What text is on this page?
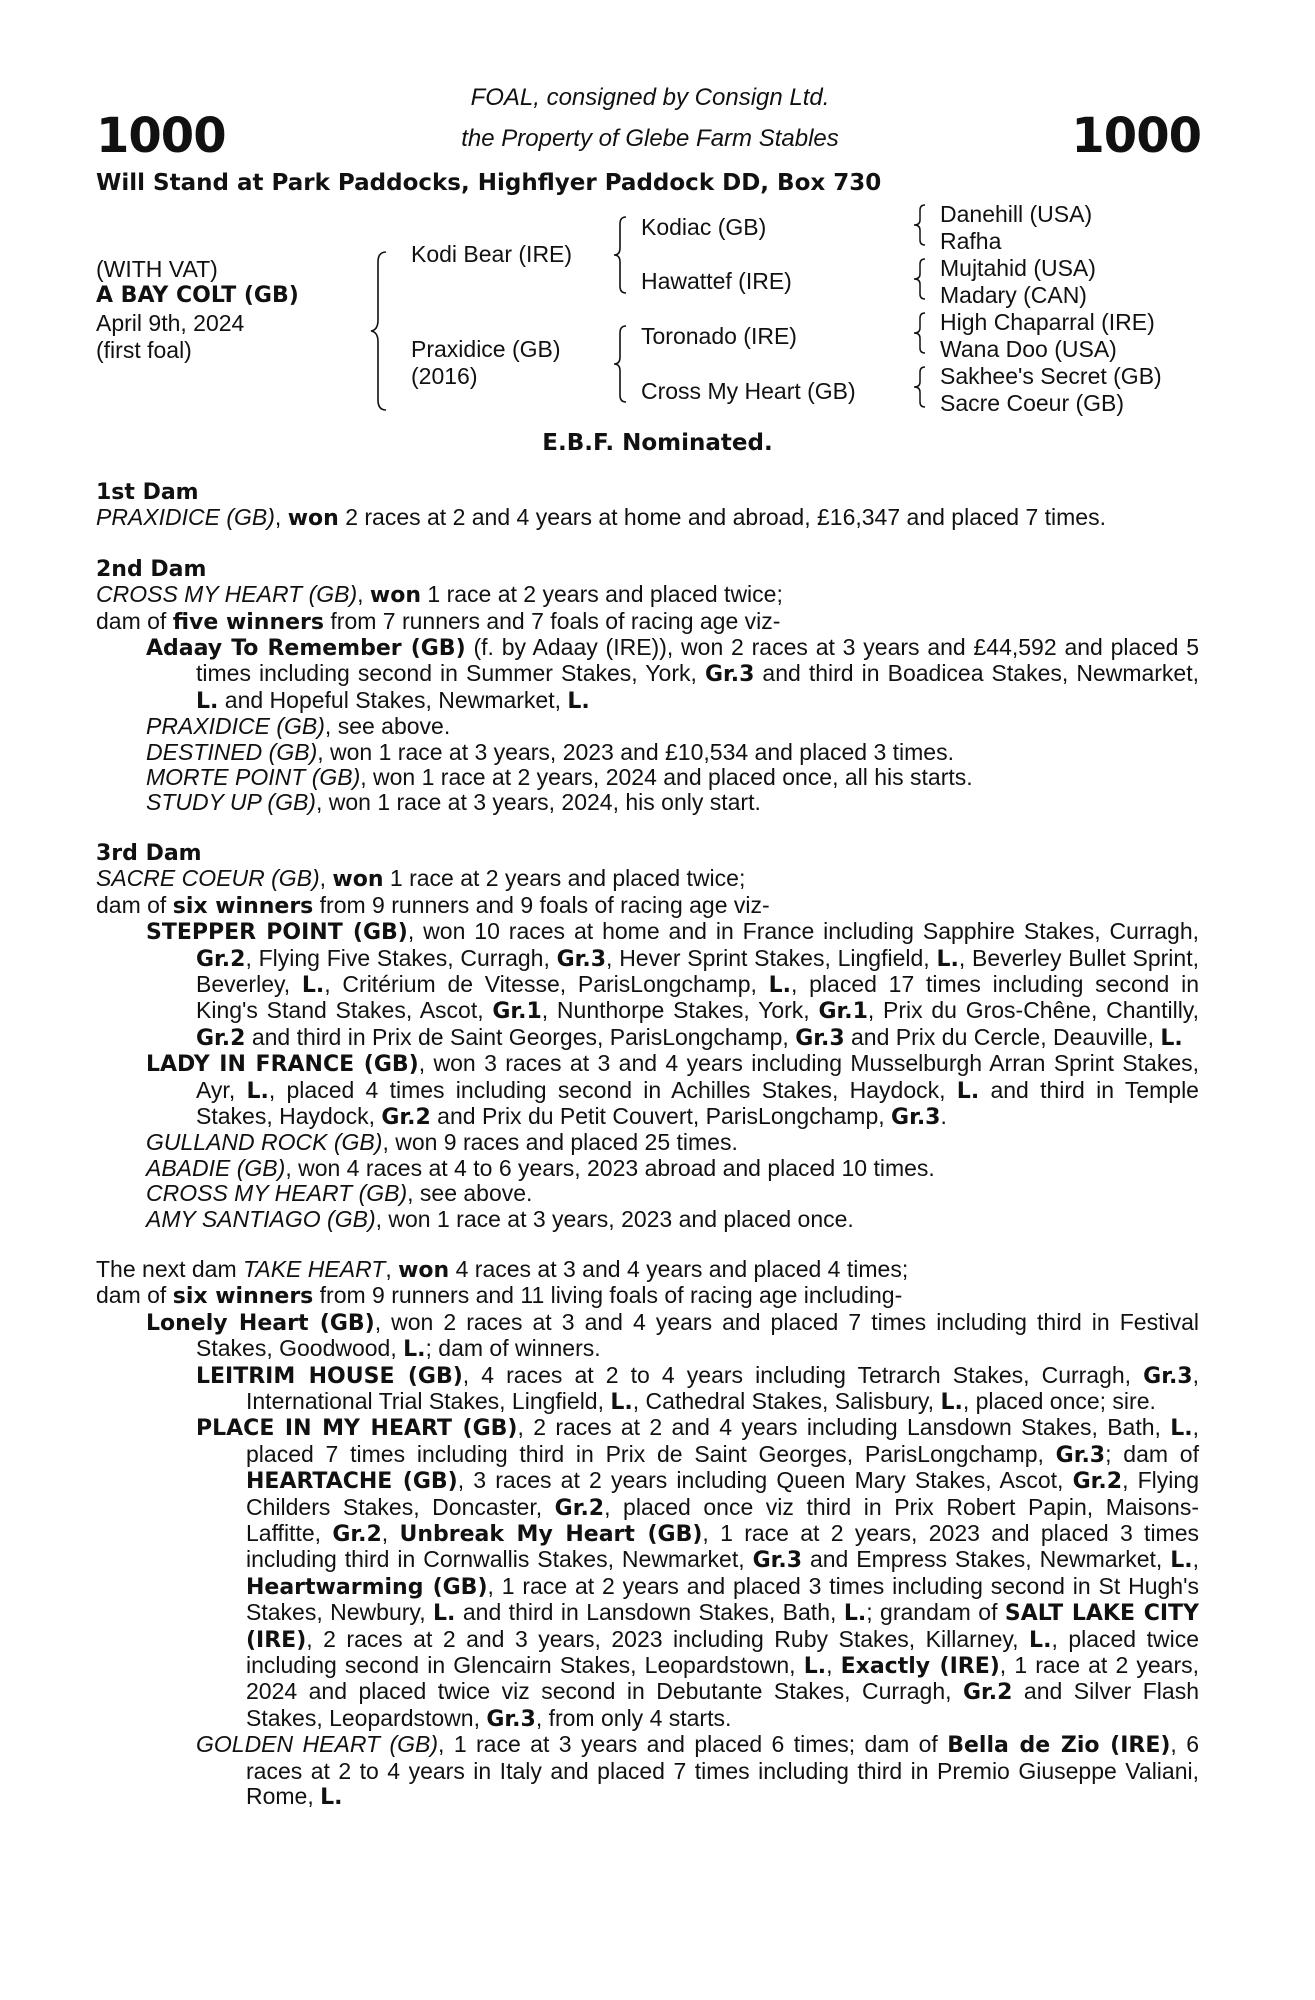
1000
FOAL, consigned by Consign Ltd.
the Property of Glebe Farm Stables	1000
Will Stand at Park Paddocks, Highflyer Paddock DD, Box 730
(WITH VAT)
A BAY COLT (GB)
April 9th, 2024
(first foal)
Kodi Bear (IRE)
Praxidice (GB)
(2016)
Kodiac (GB)
Hawattef (IRE)
Toronado (IRE)
Cross My Heart (GB)
Danehill (USA)
Rafha
Mujtahid (USA)
Madary (CAN)
High Chaparral (IRE)
Wana Doo (USA)
Sakhee's Secret (GB)
Sacre Coeur (GB)
E.B.F. Nominated.
1st Dam

PRAXIDICE (GB), won 2 races at 2 and 4 years at home and abroad, £16,347 and placed 7 times.

2nd Dam

CROSS MY HEART (GB), won 1 race at 2 years and placed twice;

dam of five winners from 7 runners and 7 foals of racing age viz-

Adaay To Remember (GB) (f. by Adaay (IRE)), won 2 races at 3 years and £44,592 and placed 5 times including second in Summer Stakes, York, Gr.3 and third in Boadicea Stakes, Newmarket, L. and Hopeful Stakes, Newmarket, L.

PRAXIDICE (GB), see above.

DESTINED (GB), won 1 race at 3 years, 2023 and £10,534 and placed 3 times.

MORTE POINT (GB), won 1 race at 2 years, 2024 and placed once, all his starts.

STUDY UP (GB), won 1 race at 3 years, 2024, his only start.

3rd Dam

SACRE COEUR (GB), won 1 race at 2 years and placed twice;

dam of six winners from 9 runners and 9 foals of racing age viz-

STEPPER POINT (GB), won 10 races at home and in France including Sapphire Stakes, Curragh, Gr.2, Flying Five Stakes, Curragh, Gr.3, Hever Sprint Stakes, Lingfield, L., Beverley Bullet Sprint, Beverley, L., Critérium de Vitesse, ParisLongchamp, L., placed 17 times including second in King's Stand Stakes, Ascot, Gr.1, Nunthorpe Stakes, York, Gr.1, Prix du Gros-Chêne, Chantilly, Gr.2 and third in Prix de Saint Georges, ParisLongchamp, Gr.3 and Prix du Cercle, Deauville, L.

LADY IN FRANCE (GB), won 3 races at 3 and 4 years including Musselburgh Arran Sprint Stakes, Ayr, L., placed 4 times including second in Achilles Stakes, Haydock, L. and third in Temple Stakes, Haydock, Gr.2 and Prix du Petit Couvert, ParisLongchamp, Gr.3.

GULLAND ROCK (GB), won 9 races and placed 25 times.

ABADIE (GB), won 4 races at 4 to 6 years, 2023 abroad and placed 10 times.

CROSS MY HEART (GB), see above.

AMY SANTIAGO (GB), won 1 race at 3 years, 2023 and placed once.

The next dam TAKE HEART, won 4 races at 3 and 4 years and placed 4 times;

dam of six winners from 9 runners and 11 living foals of racing age including-

Lonely Heart (GB), won 2 races at 3 and 4 years and placed 7 times including third in Festival Stakes, Goodwood, L.; dam of winners.

LEITRIM HOUSE (GB), 4 races at 2 to 4 years including Tetrarch Stakes, Curragh, Gr.3, International Trial Stakes, Lingfield, L., Cathedral Stakes, Salisbury, L., placed once; sire.

PLACE IN MY HEART (GB), 2 races at 2 and 4 years including Lansdown Stakes, Bath, L., placed 7 times including third in Prix de Saint Georges, ParisLongchamp, Gr.3; dam of HEARTACHE (GB), 3 races at 2 years including Queen Mary Stakes, Ascot, Gr.2, Flying Childers Stakes, Doncaster, Gr.2, placed once viz third in Prix Robert Papin, Maisons-Laffitte, Gr.2, Unbreak My Heart (GB), 1 race at 2 years, 2023 and placed 3 times including third in Cornwallis Stakes, Newmarket, Gr.3 and Empress Stakes, Newmarket, L., Heartwarming (GB), 1 race at 2 years and placed 3 times including second in St Hugh's Stakes, Newbury, L. and third in Lansdown Stakes, Bath, L.; grandam of SALT LAKE CITY (IRE), 2 races at 2 and 3 years, 2023 including Ruby Stakes, Killarney, L., placed twice including second in Glencairn Stakes, Leopardstown, L., Exactly (IRE), 1 race at 2 years, 2024 and placed twice viz second in Debutante Stakes, Curragh, Gr.2 and Silver Flash Stakes, Leopardstown, Gr.3, from only 4 starts.

GOLDEN HEART (GB), 1 race at 3 years and placed 6 times; dam of Bella de Zio (IRE), 6 races at 2 to 4 years in Italy and placed 7 times including third in Premio Giuseppe Valiani, Rome, L.
